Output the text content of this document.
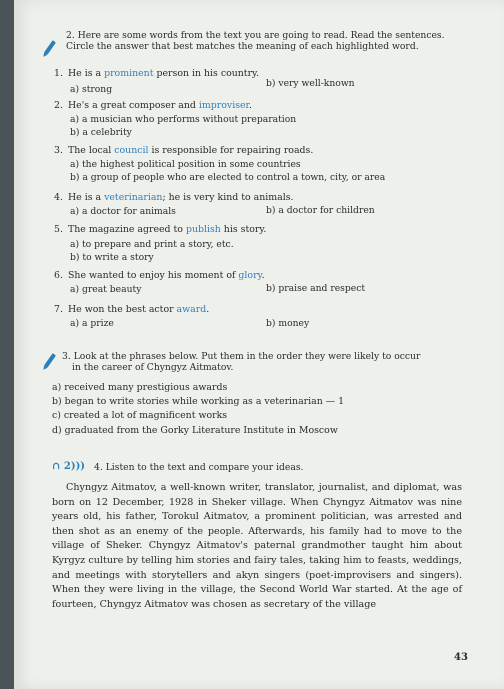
2. Here are some words from the text you are going to read. Read the sentences.
Circle the answer that best matches the meaning of each highlighted word.
1. He is a prominent person in his country.
a) strong
b) very well-known
2. He's a great composer and improviser.
a) a musician who performs without preparation
b) a celebrity
3. The local council is responsible for repairing roads.
a) the highest political position in some countries
b) a group of people who are elected to control a town, city, or area
4. He is a veterinarian; he is very kind to animals.
a) a doctor for animals	b) a doctor for children
5. The magazine agreed to publish his story.
a) to prepare and print a story, etc.
b) to write a story
6. She wanted to enjoy his moment of glory.
a) great beauty	b) praise and respect
7. He won the best actor award.
a) a prize	b) money
3. Look at the phrases below. Put them in the order they were likely to occur
in the career of Chyngyz Aitmatov.
a) received many prestigious awards
b) began to write stories while working as a veterinarian — 1
c) created a lot of magnificent works
d) graduated from the Gorky Literature Institute in Moscow
∩ 2))) 4. Listen to the text and compare your ideas.
Chyngyz Aitmatov, a well-known writer, translator, journalist, and diplomat, was born on 12 December, 1928 in Sheker village. When Chyngyz Aitmatov was nine years old, his father, Torokul Aitmatov, a prominent politician, was arrested and then shot as an enemy of the people. Afterwards, his family had to move to the village of Sheker. Chyngyz Aitmatov's paternal grandmother taught him about Kyrgyz culture by telling him stories and fairy tales, taking him to feasts, weddings, and meetings with storytellers and akyn singers (poet-improvisers and singers). When they were living in the village, the Second World War started. At the age of fourteen, Chyngyz Aitmatov was chosen as secretary of the village
43
